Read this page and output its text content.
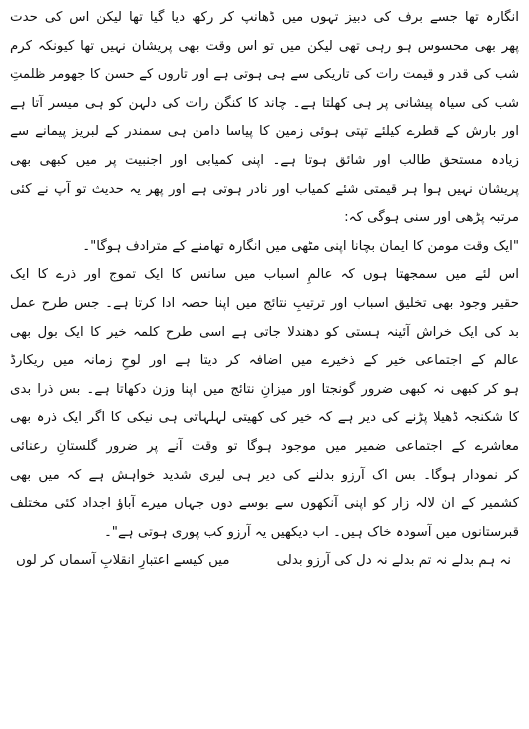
انگارہ تھا جسے برف کی دبیز تہوں میں ڈھانپ کر رکھ دیا گیا تھا لیکن اس کی حدت
پھر بھی محسوس ہو رہی تھی لیکن میں تو اس وقت بھی پریشان نہیں تھا کیونکہ کرم
شب کی قدر و قیمت رات کی تاریکی سے ہی ہوتی ہے اور تاروں کے حسن کا جھومر ظلمتِ
شب کی سیاہ پیشانی پر ہی کھلتا ہے۔ چاند کا کنگن رات کی دلہن کو ہی میسر آتا ہے
اور بارش کے قطرے کیلئے تپتی ہوئی زمین کا پیاسا دامن ہی سمندر کے لبریز پیمانے سے
زیادہ مستحق طالب اور شائق ہوتا ہے۔ اپنی کمیابی اور اجنبیت پر میں کبھی بھی
پریشان نہیں ہوا ہر قیمتی شئے کمیاب اور نادر ہوتی ہے اور پھر یہ حدیث تو آپ نے کئی
مرتبہ پڑھی اور سنی ہوگی کہ:
"ایک وقت مومن کا ایمان بچانا اپنی مٹھی میں انگارہ تھامنے کے مترادف ہوگا"۔
اس لئے میں سمجھتا ہوں کہ عالمِ اسباب میں سانس کا ایک تموج اور ذرے کا ایک
حقیر وجود بھی تخلیق اسباب اور ترتیبِ نتائج میں اپنا حصہ ادا کرتا ہے۔ جس طرح عمل
بد کی ایک خراش آئینہ ہستی کو دھندلا جاتی ہے اسی طرح کلمہ خیر کا ایک بول بھی
عالم کے اجتماعی خیر کے ذخیرے میں اضافہ کر دیتا ہے اور لوحِ زمانہ میں ریکارڈ
ہو کر کبھی نہ کبھی ضرور گونجتا اور میزانِ نتائج میں اپنا وزن دکھاتا ہے۔ بس ذرا بدی
کا شکنجہ ڈھیلا پڑنے کی دیر ہے کہ خیر کی کھیتی لہلہاتی ہی نیکی کا اگر ایک ذرہ بھی
معاشرے کے اجتماعی ضمیر میں موجود ہوگا تو وقت آنے پر ضرور گلستانِ رعنائی
کر نمودار ہوگا۔ بس اک آرزو بدلنے کی دیر ہی لیری شدید خواہش ہے کہ میں بھی
کشمیر کے ان لالہ زار کو اپنی آنکھوں سے بوسے دوں جہاں میرے آباؤ اجداد کئی مختلف
قبرستانوں میں آسودہ خاک ہیں۔ اب دیکھیں یہ آرزو کب پوری ہوتی ہے"۔
نہ ہم بدلے نہ تم بدلے نہ دل کی آرزو بدلی
میں کیسے اعتبارِ انقلابِ آسماں کر لوں
